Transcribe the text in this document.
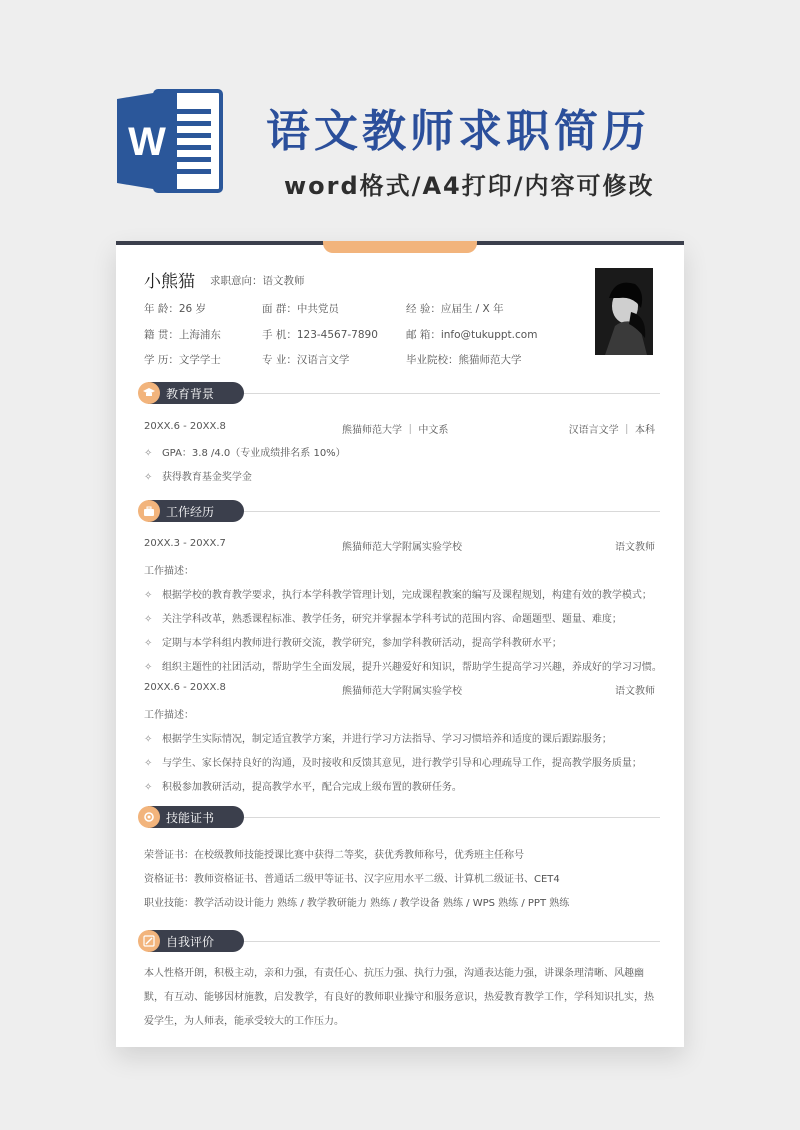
W 语文教师求职简历
word格式/A4打印/内容可修改
小熊猫 求职意向：语文教师
年 龄：26 岁	面 群：中共党员	经 验：应届生 / X 年
籍 贯：上海浦东	手 机：123-4567-7890	邮 箱：info@tukuppt.com
学 历：文学学士	专 业：汉语言文学	毕业院校：熊猫师范大学
教育背景
20XX.6 - 20XX.8	熊猫师范大学 ｜ 中文系	汉语言文学 ｜ 本科
✧ GPA：3.8 /4.0（专业成绩排名系 10%）
✧ 获得教育基金奖学金
工作经历
20XX.3 - 20XX.7	熊猫师范大学附属实验学校	语文教师
工作描述：
✧ 根据学校的教育教学要求，执行本学科教学管理计划，完成课程教案的编写及课程规划，构建有效的教学模式；
✧ 关注学科改革，熟悉课程标准、教学任务，研究并掌握本学科考试的范围内容、命题题型、题量、难度；
✧ 定期与本学科组内教师进行教研交流，教学研究，参加学科教研活动，提高学科教研水平；
✧ 组织主题性的社团活动，帮助学生全面发展，提升兴趣爱好和知识，帮助学生提高学习兴趣，养成好的学习习惯。
20XX.6 - 20XX.8	熊猫师范大学附属实验学校	语文教师
工作描述：
✧ 根据学生实际情况，制定适宜教学方案，并进行学习方法指导、学习习惯培养和适度的课后跟踪服务；
✧ 与学生、家长保持良好的沟通，及时接收和反馈其意见，进行教学引导和心理疏导工作，提高教学服务质量；
✧ 积极参加教研活动，提高教学水平，配合完成上级布置的教研任务。
技能证书
荣誉证书：在校级教师技能授课比赛中获得二等奖，获优秀教师称号，优秀班主任称号
资格证书：教师资格证书、普通话二级甲等证书、汉字应用水平二级、计算机二级证书、CET4
职业技能：教学活动设计能力 熟练 / 教学教研能力 熟练 / 教学设备 熟练 / WPS 熟练 / PPT 熟练
自我评价
本人性格开朗，积极主动，亲和力强，有责任心、抗压力强、执行力强，沟通表达能力强，讲课条理清晰、风趣幽默，有互动、能够因材施教，启发教学，有良好的教师职业操守和服务意识，热爱教育教学工作，学科知识扎实，热爱学生，为人师表，能承受较大的工作压力。
